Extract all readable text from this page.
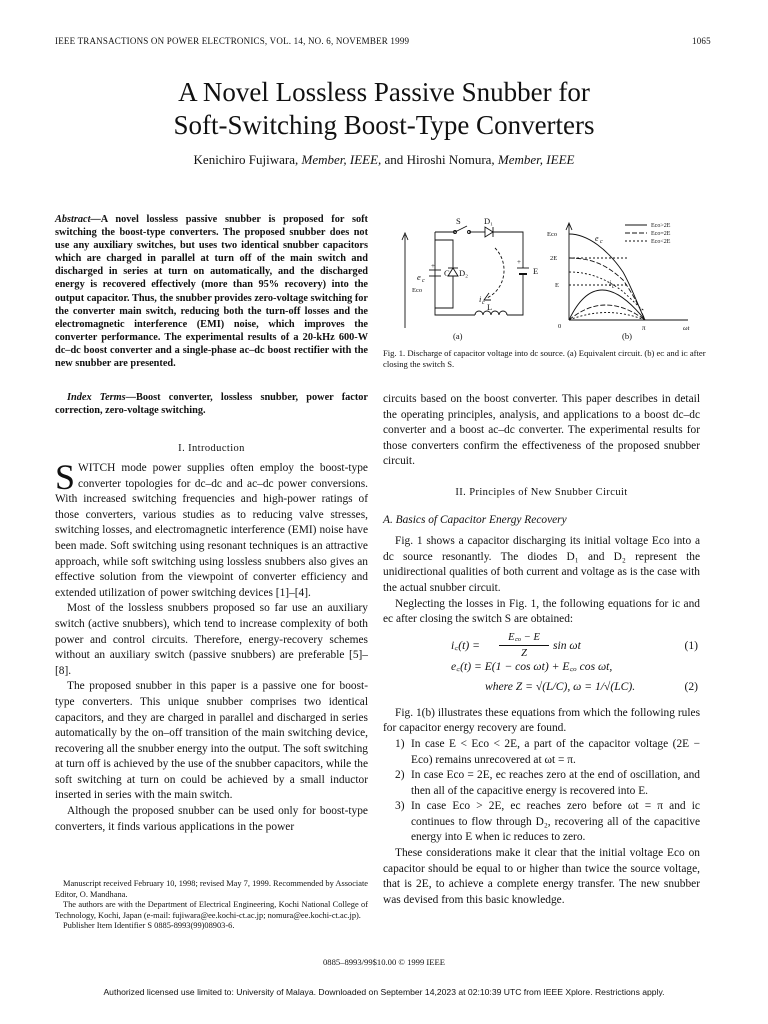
IEEE TRANSACTIONS ON POWER ELECTRONICS, VOL. 14, NO. 6, NOVEMBER 1999	1065
A Novel Lossless Passive Snubber for
Soft-Switching Boost-Type Converters
Kenichiro Fujiwara, Member, IEEE, and Hiroshi Nomura, Member, IEEE
Abstract—A novel lossless passive snubber is proposed for soft switching the boost-type converters. The proposed snubber does not use any auxiliary switches, but uses two identical snubber capacitors which are charged in parallel at turn off of the main switch and discharged in series at turn on automatically, and the discharged energy is recovered effectively (more than 95% recovery) into the output capacitor. Thus, the snubber provides zero-voltage switching for the converter main switch, reducing both the turn-off losses and the electromagnetic interference (EMI) noise, which improves the converter performance. The experimental results of a 20-kHz 600-W dc–dc boost converter and a single-phase ac–dc boost rectifier with the new snubber are presented.
Index Terms—Boost converter, lossless snubber, power factor correction, zero-voltage switching.
I. Introduction

SWITCH mode power supplies often employ the boost-type converter topologies for dc–dc and ac–dc power conversions. With increased switching frequencies and high-power ratings of those converters, various studies as to reducing valve stresses, switching losses, and electromagnetic interference (EMI) noise have been made. Soft switching using resonant techniques is an attractive approach, while soft switching using lossless snubbers also gives an effective solution from the viewpoint of converter efficiency and extended utilization of power switching devices [1]–[4].

Most of the lossless snubbers proposed so far use an auxiliary switch (active snubbers), which tend to increase complexity of both power and control circuits. Therefore, energy-recovery schemes without an auxiliary switch (passive snubbers) are preferable [5]–[8].

The proposed snubber in this paper is a passive one for boost-type converters. This unique snubber comprises two identical capacitors, and they are charged in parallel and discharged in series automatically by the on–off transition of the main switching device, recovering all the snubber energy into the output. The soft switching at turn off is achieved by the use of the snubber capacitors, while the soft switching at turn on could be achieved by a small inductor inserted in series with the main switch.

Although the proposed snubber can be used only for boost-type converters, it finds various applications in the power

Manuscript received February 10, 1998; revised May 7, 1999. Recommended by Associate Editor, O. Mandhana.

The authors are with the Department of Electrical Engineering, Kochi National College of Technology, Kochi, Japan (e-mail: fujiwara@ee.kochi-ct.ac.jp; nomura@ee.kochi-ct.ac.jp).

Publisher Item Identifier S 0885-8993(99)08903-6.

S	D₁
e c
+
C D₂
Eco
+
E
i c L
(a)
Eco
2E
E
0	π	ωt
e c
i c
Eco>2E
Eco=2E
Eco<2E
(b)
Fig. 1. Discharge of capacitor voltage into dc source. (a) Equivalent circuit. (b) eᴄ and iᴄ after closing the switch S.

circuits based on the boost converter. This paper describes in detail the operating principles, analysis, and applications to a boost dc–dc converter and a boost ac–dc converter. The experimental results for those converters confirm the effectiveness of the proposed snubber circuit.

II. Principles of New Snubber Circuit
A. Basics of Capacitor Energy Recovery

Fig. 1 shows a capacitor discharging its initial voltage Eco into a dc source resonantly. The diodes D₁ and D₂ represent the unidirectional qualities of both current and voltage as is the case with the actual snubber circuit.

Neglecting the losses in Fig. 1, the following equations for ic and ec after closing the switch S are obtained:

i꜀(t) = $\frac{\text{E꜀ₒ − E}}{Z}$ sin ωt	(1)
e꜀(t) = E(1 − cos ωt) + E꜀ₒ cos ωt,
where Z = √(L/C), ω = 1/√(LC).	(2)

Fig. 1(b) illustrates these equations from which the following rules for capacitor energy recovery are found.

1) In case E < Eco < 2E, a part of the capacitor voltage (2E − Eco) remains unrecovered at ωt = π.
2) In case Eco = 2E, ec reaches zero at the end of oscillation, and then all of the capacitive energy is recovered into E.
3) In case Eco > 2E, ec reaches zero before ωt = π and ic continues to flow through D₂, recovering all of the capacitive energy into E when ic reduces to zero.

These considerations make it clear that the initial voltage Eco on capacitor should be equal to or higher than twice the source voltage, that is 2E, to achieve a complete energy transfer. The new snubber was devised from this basic knowledge.

0885–8993/99$10.00 © 1999 IEEE
Authorized licensed use limited to: University of Malaya. Downloaded on September 14,2023 at 02:10:39 UTC from IEEE Xplore. Restrictions apply.
